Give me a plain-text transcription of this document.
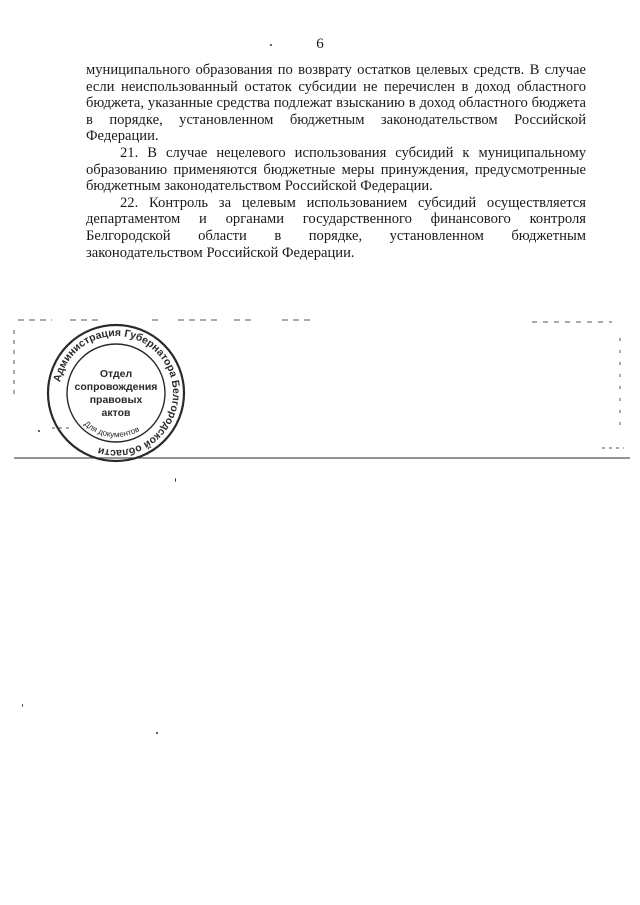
6

муниципального образования по возврату остатков целевых средств. В случае если неиспользованный остаток субсидии не перечислен в доход областного бюджета, указанные средства подлежат взысканию в доход областного бюджета в порядке, установленном бюджетным законодательством Российской Федерации.

21. В случае нецелевого использования субсидий к муниципальному образованию применяются бюджетные меры принуждения, предусмотренные бюджетным законодательством Российской Федерации.

22. Контроль за целевым использованием субсидий осуществляется департаментом и органами государственного финансового контроля Белгородской области в порядке, установленном бюджетным законодательством Российской Федерации.

Администрация Губернатора Белгородской области
Для документов
Отдел
сопровождения
правовых
актов
